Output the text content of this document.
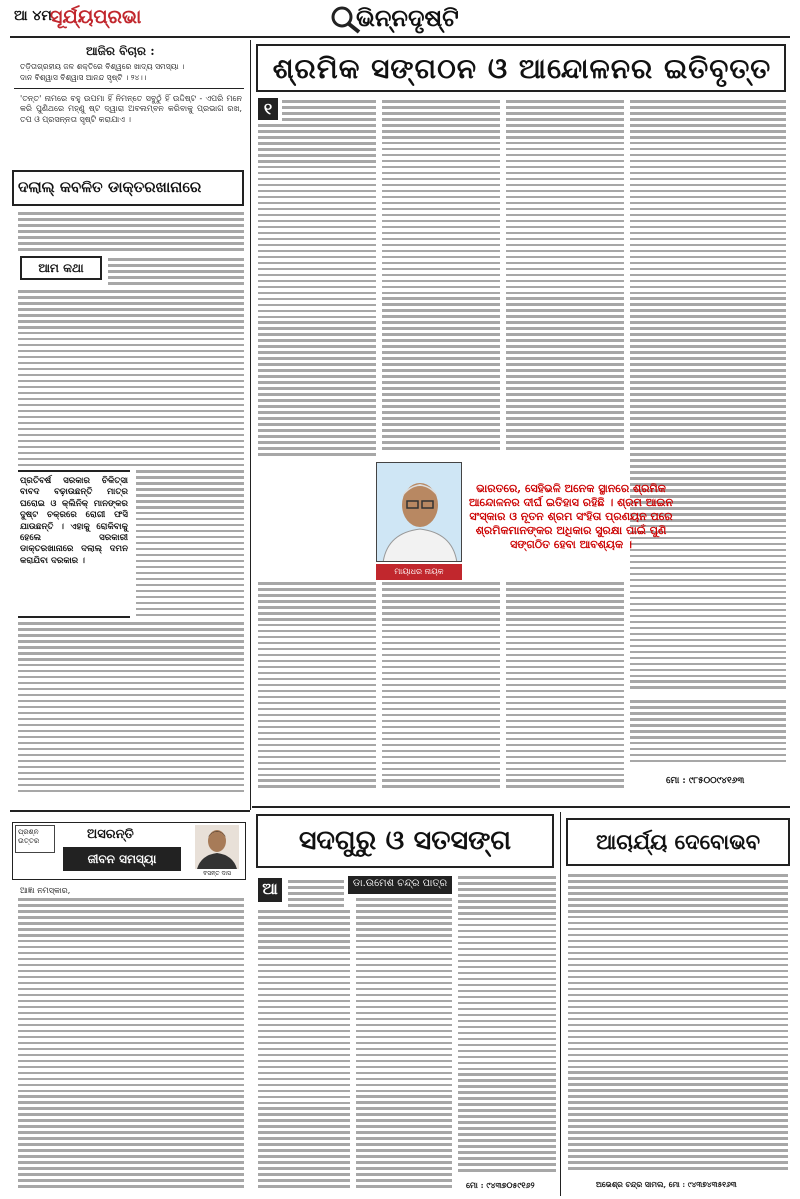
ଆ ୪ମ
ସୂର୍ଯ୍ୟପ୍ରଭା	ଭିନ୍ନଦୃଷ୍ଟି
ଆଜିର ବିଚାର :
ତଡ଼ିତାଗ୍ରହୀୟ ଜଳ ଶକ୍ତିରେ ବିଶ୍ୱରେ ଖାଦ୍ୟ ସମସ୍ୟା ।
ଦାନ ବିଶ୍ୱାସ ବିଶ୍ୱାସ ଆନନ୍ଦ ସୃଷ୍ଟି । ୨୪।।
'ତନ୍ତ' ନାମରେ ବହୁ ଉପମା ହିଁ ନିମନ୍ତେ ସବୁଠୁଁ ହିଁ ଉଦ୍ଦିଷ୍ଟ - ଏପରି ମନେ କରି ପୁଣିଥରେ ମହ୍ଣୁ ଷ୍ଟ ଦ୍ୱାରା ଅବଲମ୍ବନ କରିବାକୁ ପ୍ରଭାଗ ରଖ, ତପ ଓ ପ୍ରସନ୍ନତା ସୃଷ୍ଟି କରାଯାଏ ।
ଦଲାଲ୍ କବଳିତ ଡାକ୍ତରଖାନାରେ
ଆମ କଥା
ପ୍ରତିବର୍ଷ ସରକାର ଚିକିତ୍ସା ବାବଦ ବଢ଼ାଉଛନ୍ତି ମାତ୍ର ଘରୋଇ ଓ କ୍ଲିନିକ୍ ମାନଙ୍କର ଦୁଷ୍ଟ ଚକ୍ରରେ ରୋଗୀ ଫସି ଯାଉଛନ୍ତି । ଏହାକୁ ରୋକିବାକୁ ହେଲେ ସରକାରୀ ଡାକ୍ତରଖାନାରେ ଦଲାଲ୍ ଦମନ କରାଯିବା ଦରକାର ।
ଶ୍ରମିକ ସଙ୍ଗଠନ ଓ ଆନ୍ଦୋଳନର ଇତିବୃତ୍ତ
୧
ମାୟାଧର ନାୟକ
ଭାରତରେ, ସେହିଭଳି ଅନେକ ସ୍ଥାନରେ ଶ୍ରମିକ ଆନ୍ଦୋଳନର ଦୀର୍ଘ ଇତିହାସ ରହିଛି । ଶ୍ରମ ଆଇନ ସଂସ୍କାର ଓ ନୂତନ ଶ୍ରମ ସଂହିତା ପ୍ରଣୟନ ପରେ ଶ୍ରମିକମାନଙ୍କର ଅଧିକାର ସୁରକ୍ଷା ପାଇଁ ପୁଣି ସଙ୍ଗଠିତ ହେବା ଆବଶ୍ୟକ ।
ମୋ : ୯୮୫୦୦୯୪୧୬୩
ପ୍ରଶ୍ନ ଉତ୍ତର	ଅସରନ୍ତି
ଜୀବନ ସମସ୍ୟା
ବସନ୍ତ ଦାସ
ଆଜ୍ଞା ନମସ୍କାର,
ସଦଗୁରୁ ଓ ସତସଙ୍ଗ
ଆ	ଡା.ଉମେଶ ଚନ୍ଦ୍ର ପାତ୍ର
ମୋ : ୯୪୩୭୦୫୯୧୬୨
ଆଚାର୍ଯ୍ୟ ଦେବୋଭବ
ଅଭେଶ୍ର ଚନ୍ଦ୍ର ସାମଲ, ମୋ : ୯୪୩୭୪୩୫୧୬୩
